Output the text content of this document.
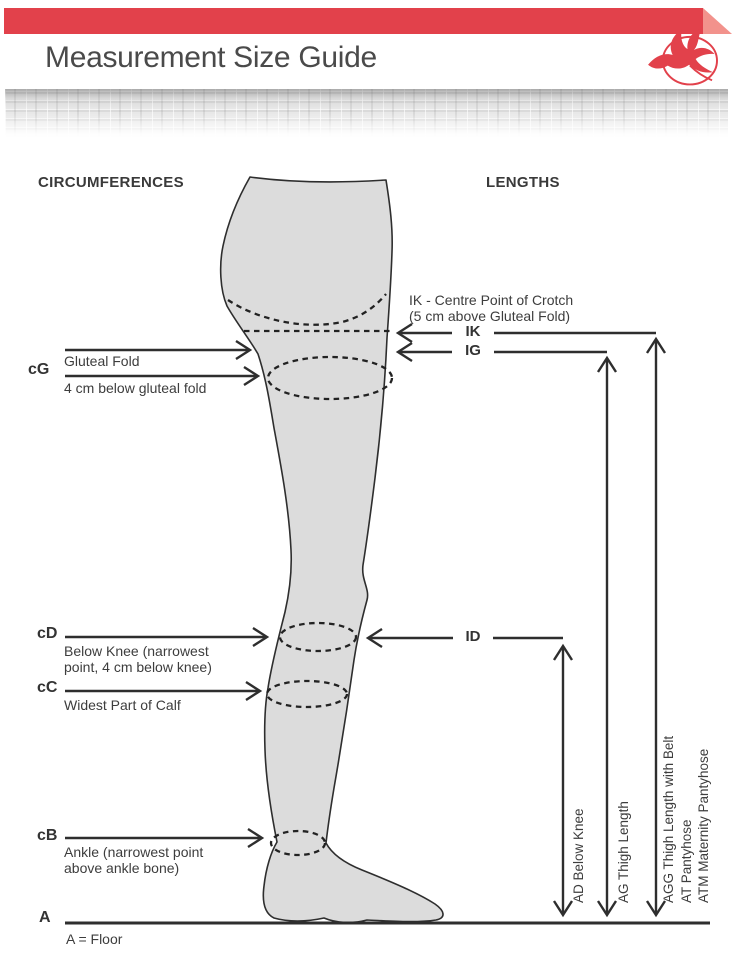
Measurement Size Guide
CIRCUMFERENCES	LENGTHS
IK - Centre Point of Crotch
(5 cm above Gluteal Fold)
IK
IG
ID
cG Gluteal Fold
4 cm below gluteal fold
cD
Below Knee (narrowest point, 4 cm below knee)
cC
Widest Part of Calf
cB
Ankle (narrowest point above ankle bone)
A
A = Floor
AD Below Knee AG Thigh Length AGG Thigh Length with Belt AT Pantyhose ATM Maternity Pantyhose
